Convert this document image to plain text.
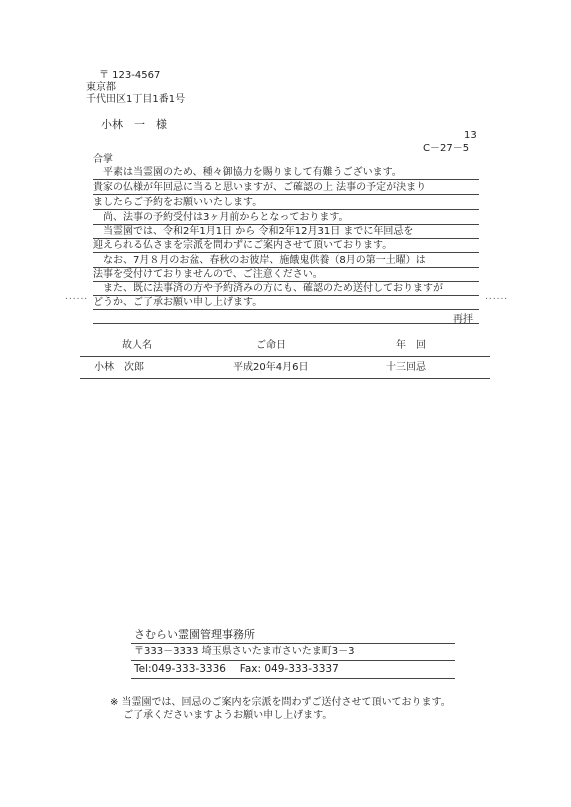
〒 123-4567
東京都
千代田区1丁目1番1号
小林　一　様
13
C－27－5
合掌
　平素は当霊園のため、種々御協力を賜りまして有難うございます。
貴家の仏様が年回忌に当ると思いますが、ご確認の上 法事の予定が決まり
ましたらご予約をお願いいたします。
　尚、法事の予約受付は3ヶ月前からとなっております。
　当霊園では、令和2年1月1日 から 令和2年12月31日 までに年回忌を
迎えられる仏さまを宗派を問わずにご案内させて頂いております。
　なお、7月８月のお盆、春秋のお彼岸、施餓鬼供養（8月の第一土曜）は
法事を受付けておりませんので、ご注意ください。
　また、既に法事済の方や予約済みの方にも、確認のため送付しておりますが
どうか、ご了承お願い申し上げます。
......	......
再拝
故人名	ご命日	年　回
小林　次郎	平成20年4月6日	十三回忌
さむらい霊園管理事務所
〒333－3333 埼玉県さいたま市さいたま町3－3
Tel:049-333-3336　 Fax: 049-333-3337
※ 当霊園では、回忌のご案内を宗派を問わずご送付させて頂いております。
　 ご了承くださいますようお願い申し上げます。
